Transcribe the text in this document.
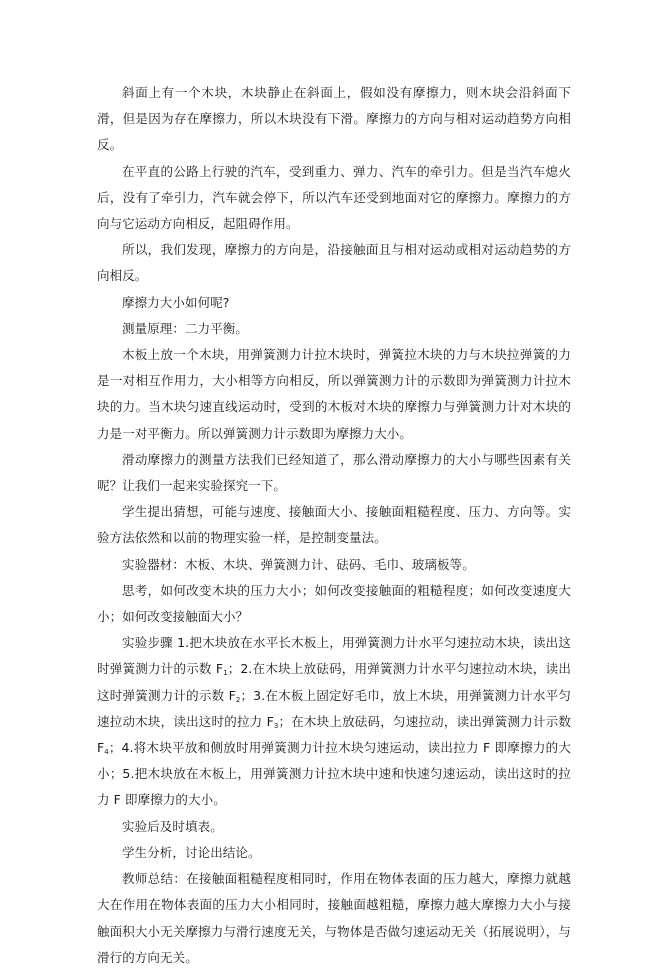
斜面上有一个木块，木块静止在斜面上，假如没有摩擦力，则木块会沿斜面下滑，但是因为存在摩擦力，所以木块没有下滑。摩擦力的方向与相对运动趋势方向相反。

在平直的公路上行驶的汽车，受到重力、弹力、汽车的牵引力。但是当汽车熄火后，没有了牵引力，汽车就会停下，所以汽车还受到地面对它的摩擦力。摩擦力的方向与它运动方向相反，起阻碍作用。

所以，我们发现，摩擦力的方向是，沿接触面且与相对运动或相对运动趋势的方向相反。

摩擦力大小如何呢?

测量原理：二力平衡。

木板上放一个木块，用弹簧测力计拉木块时，弹簧拉木块的力与木块拉弹簧的力是一对相互作用力，大小相等方向相反，所以弹簧测力计的示数即为弹簧测力计拉木块的力。当木块匀速直线运动时，受到的木板对木块的摩擦力与弹簧测力计对木块的力是一对平衡力。所以弹簧测力计示数即为摩擦力大小。

滑动摩擦力的测量方法我们已经知道了，那么滑动摩擦力的大小与哪些因素有关呢？让我们一起来实验探究一下。

学生提出猜想，可能与速度、接触面大小、接触面粗糙程度、压力、方向等。实验方法依然和以前的物理实验一样，是控制变量法。

实验器材：木板、木块、弹簧测力计、砝码、毛巾、玻璃板等。

思考，如何改变木块的压力大小；如何改变接触面的粗糙程度；如何改变速度大小；如何改变接触面大小？

实验步骤 1.把木块放在水平长木板上，用弹簧测力计水平匀速拉动木块，读出这时弹簧测力计的示数 $F_1$；2.在木块上放砝码，用弹簧测力计水平匀速拉动木块，读出这时弹簧测力计的示数 $F_2$；3.在木板上固定好毛巾，放上木块，用弹簧测力计水平匀速拉动木块，读出这时的拉力 $F_3$；在木块上放砝码，匀速拉动，读出弹簧测力计示数 $F_4$；4.将木块平放和侧放时用弹簧测力计拉木块匀速运动，读出拉力 F 即摩擦力的大小；5.把木块放在木板上，用弹簧测力计拉木块中速和快速匀速运动，读出这时的拉力 F 即摩擦力的大小。

实验后及时填表。

学生分析，讨论出结论。

教师总结：在接触面粗糙程度相同时，作用在物体表面的压力越大，摩擦力就越大在作用在物体表面的压力大小相同时，接触面越粗糙，摩擦力越大摩擦力大小与接触面积大小无关摩擦力与滑行速度无关，与物体是否做匀速运动无关（拓展说明），与滑行的方向无关。
